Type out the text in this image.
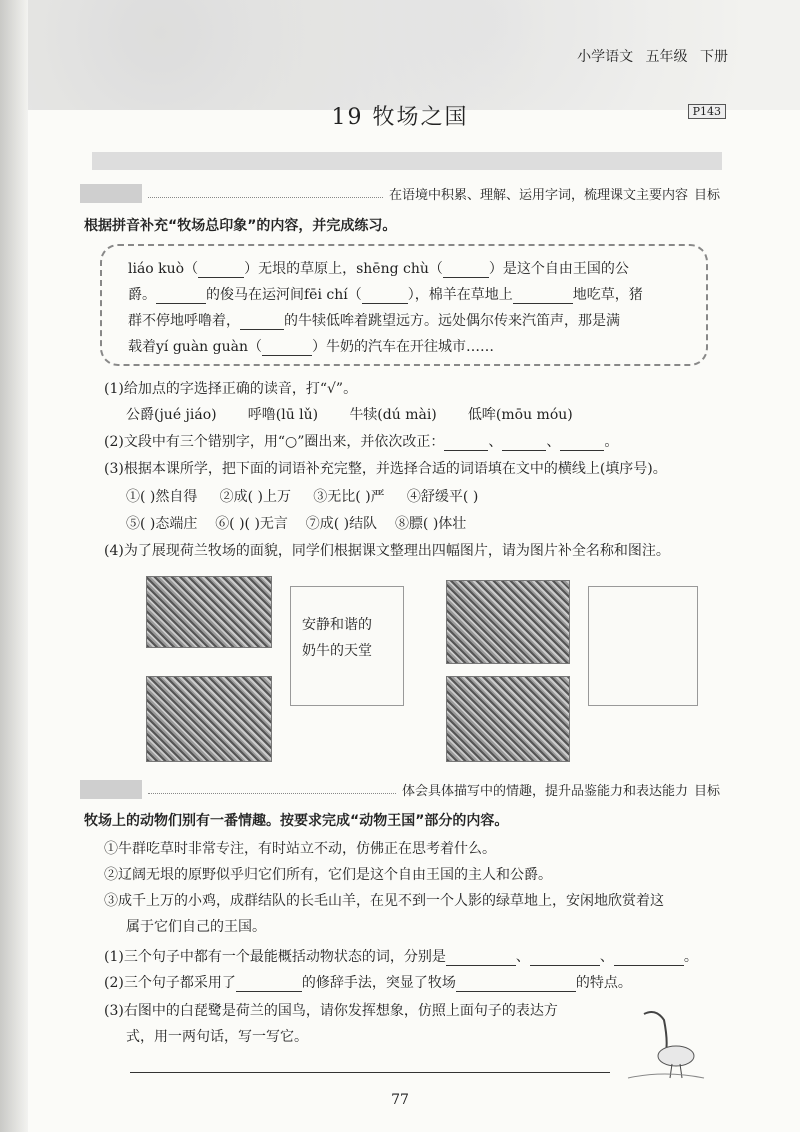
小学语文 五年级 下册
19 牧场之国	P143

在语境中积累、理解、运用字词，梳理课文主要内容 目标
根据拼音补充“牧场总印象”的内容，并完成练习。
liáo kuò（	）无垠的草原上，shēng chù（	）是这个自由王国的公
爵。	的俊马在运河间fēi chí（	），棉羊在草地上	地吃草，猪
群不停地呼噜着，	的牛犊低哞着跳望远方。远处偶尔传来汽笛声，那是满
载着yí guàn guàn（	）牛奶的汽车在开往城市……
(1)给加点的字选择正确的读音，打“√”。
公爵(jué jiáo) 呼噜(lū lǔ) 牛犊(dú mài) 低哞(mōu móu)
(2)文段中有三个错别字，用“○”圈出来，并依次改正：	、	、	。
(3)根据本课所学，把下面的词语补充完整，并选择合适的词语填在文中的横线上(填序号)。
①( )然自得 ②成( )上万 ③无比( )严 ④舒缓平( )
⑤( )态端庄 ⑥( )( )无言 ⑦成( )结队 ⑧膘( )体壮
(4)为了展现荷兰牧场的面貌，同学们根据课文整理出四幅图片，请为图片补全名称和图注。
安静和谐的
奶牛的天堂

体会具体描写中的情趣，提升品鉴能力和表达能力 目标
牧场上的动物们别有一番情趣。按要求完成“动物王国”部分的内容。
①牛群吃草时非常专注，有时站立不动，仿佛正在思考着什么。
②辽阔无垠的原野似乎归它们所有，它们是这个自由王国的主人和公爵。
③成千上万的小鸡，成群结队的长毛山羊，在见不到一个人影的绿草地上，安闲地欣赏着这
属于它们自己的王国。
(1)三个句子中都有一个最能概括动物状态的词，分别是	、	、	。
(2)三个句子都采用了	的修辞手法，突显了牧场	的特点。
(3)右图中的白琵鹭是荷兰的国鸟，请你发挥想象，仿照上面句子的表达方
式，用一两句话，写一写它。
77
